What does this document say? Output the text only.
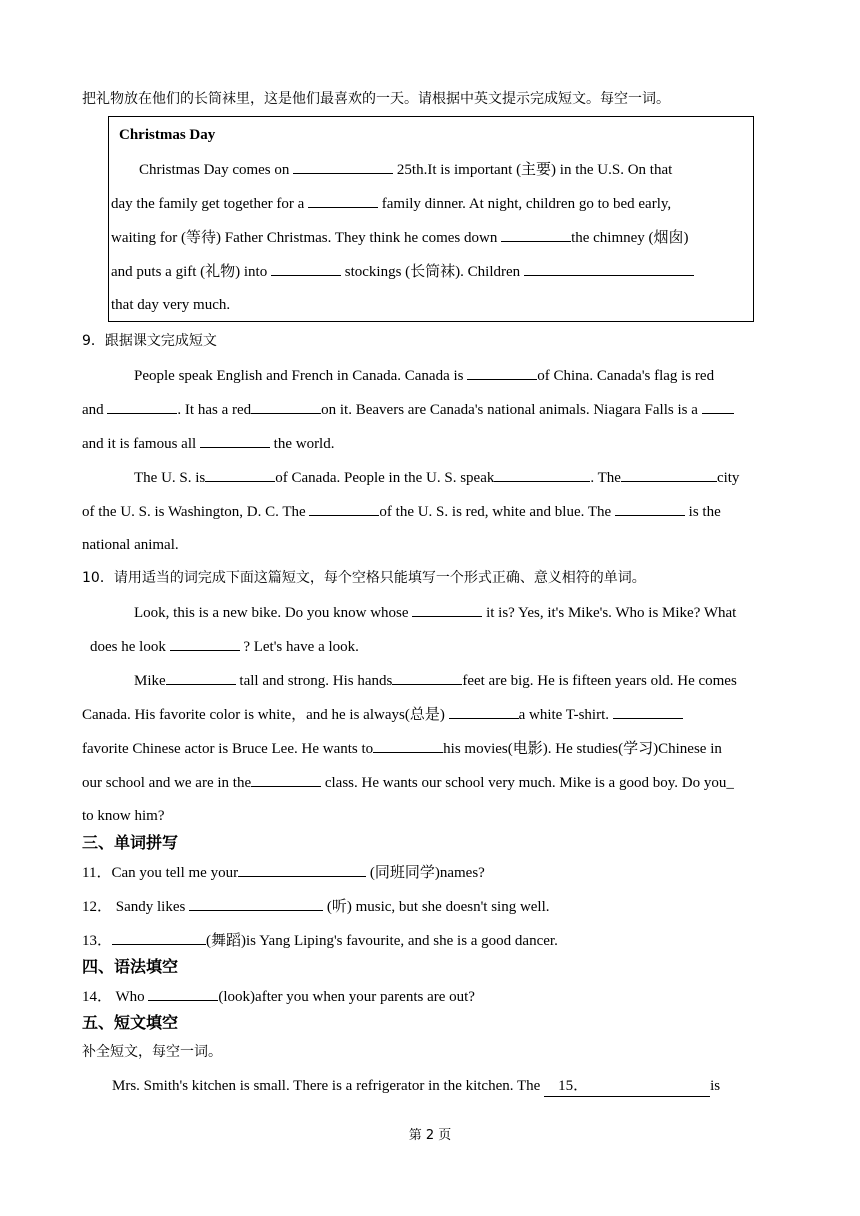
把礼物放在他们的长筒袜里，这是他们最喜欢的一天。请根据中英文提示完成短文。每空一词。
Christmas Day
Christmas Day comes on	25th.It is important (主要) in the U.S. On that
day the family get together for a	family dinner. At night, children go to bed early,
waiting for (等待) Father Christmas. They think he comes down	the chimney (烟囱)
and puts a gift (礼物) into	stockings (长筒袜). Children
that day very much.
9．跟据课文完成短文
People speak English and French in Canada. Canada is	of China. Canada's flag is red
and	. It has a red	on it. Beavers are Canada's national animals. Niagara Falls is a
and it is famous all	the world.
The U. S. is	of Canada. People in the U. S. speak	. The	city
of the U. S. is Washington, D. C. The	of the U. S. is red, white and blue. The	is the
national animal.
10．请用适当的词完成下面这篇短文，每个空格只能填写一个形式正确、意义相符的单词。
Look, this is a new bike. Do you know whose	it is? Yes, it's Mike's. Who is Mike? What
does he look	? Let's have a look.
Mike	tall and strong. His hands	feet are big. He is fifteen years old. He comes
Canada. His favorite color is white，and he is always(总是)	a white T-shirt.
favorite Chinese actor is Bruce Lee. He wants to	his movies(电影). He studies(学习)Chinese in
our school and we are in the	class. He wants our school very much. Mike is a good boy. Do you_
to know him?
三、单词拼写
11．Can you tell me your	(同班同学)names?
12． Sandy likes	(听) music, but she doesn't sing well.
13．	(舞蹈)is Yang Liping's favourite, and she is a good dancer.
四、语法填空
14． Who	(look)after you when your parents are out?
五、短文填空
补全短文，每空一词。
Mrs. Smith's kitchen is small. There is a refrigerator in the kitchen. The 15．	is
第 2 页
